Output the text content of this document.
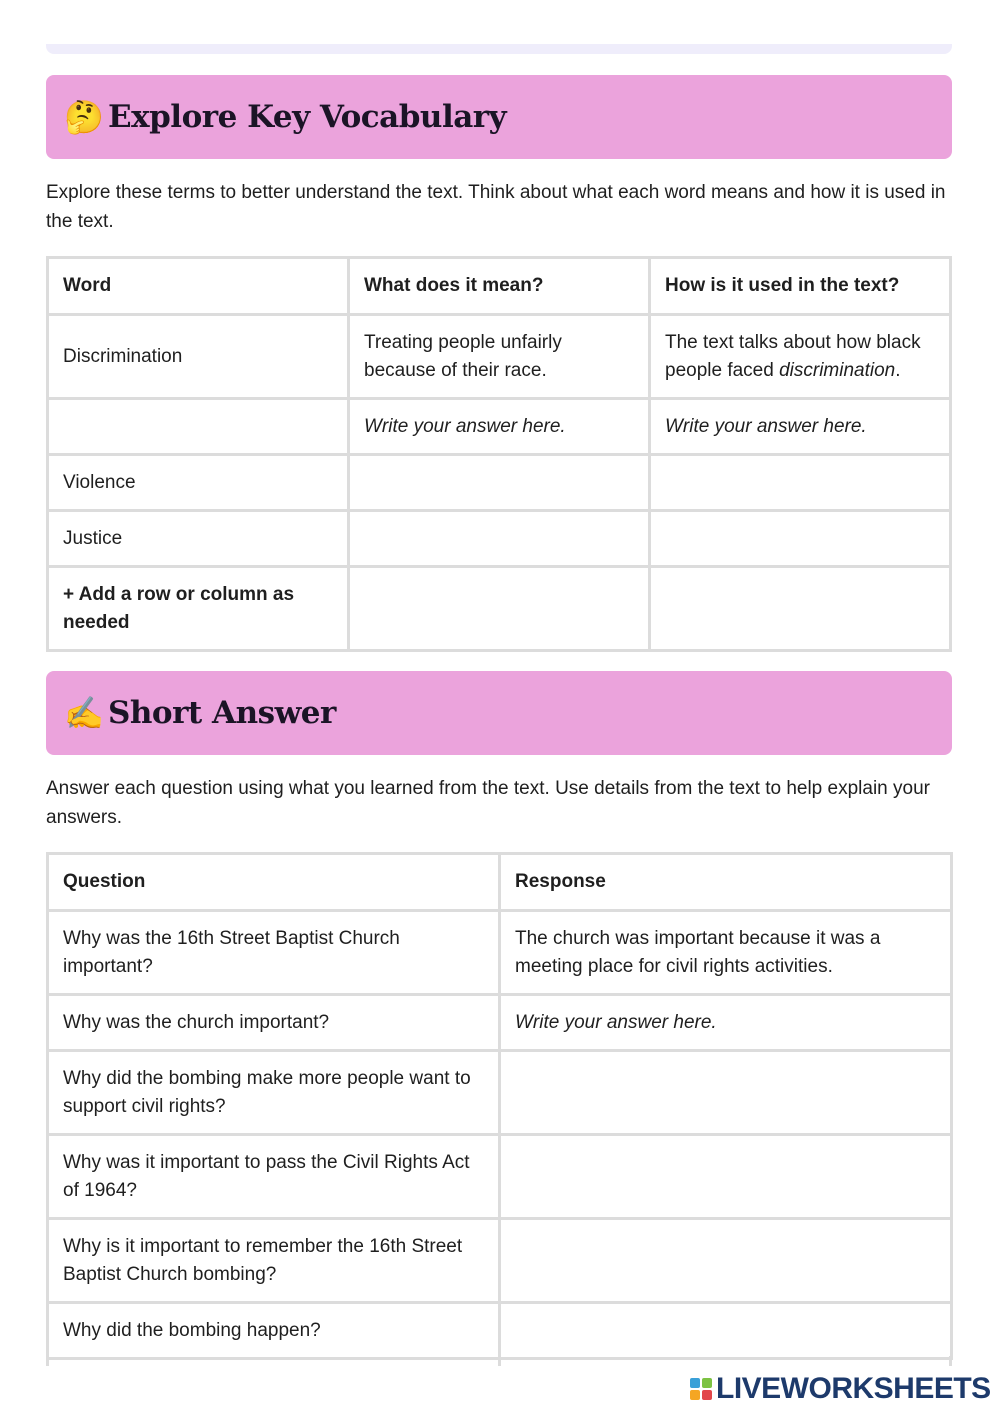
🤔 Explore Key Vocabulary

Explore these terms to better understand the text. Think about what each word means and how it is used in the text.

Word	What does it mean?	How is it used in the text?
Discrimination	Treating people unfairly because of their race.	The text talks about how black people faced discrimination.
	Write your answer here.	Write your answer here.
Violence		
Justice		
+ Add a row or column as needed		
✍️ Short Answer

Answer each question using what you learned from the text. Use details from the text to help explain your answers.

Question	Response
Why was the 16th Street Baptist Church important?	The church was important because it was a meeting place for civil rights activities.
Why was the church important?	Write your answer here.
Why did the bombing make more people want to support civil rights?	
Why was it important to pass the Civil Rights Act of 1964?	
Why is it important to remember the 16th Street Baptist Church bombing?	
Why did the bombing happen?	
LIVEWORKSHEETS
